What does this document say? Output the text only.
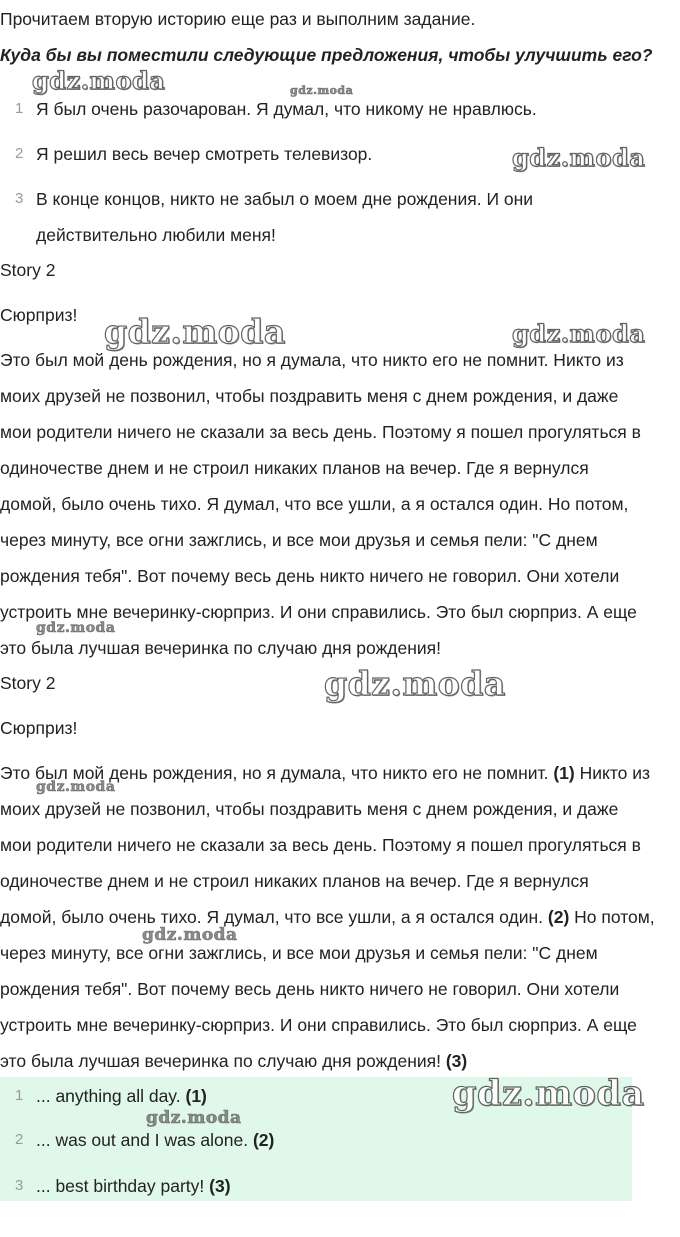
Прочитаем вторую историю еще раз и выполним задание.
Куда бы вы поместили следующие предложения, чтобы улучшить его?
1 Я был очень разочарован. Я думал, что никому не нравлюсь.
2 Я решил весь вечер смотреть телевизор.
3 В конце концов, никто не забыл о моем дне рождения. И они
действительно любили меня!
Story 2
Сюрприз!
Это был мой день рождения, но я думала, что никто его не помнит. Никто из
моих друзей не позвонил, чтобы поздравить меня с днем рождения, и даже
мои родители ничего не сказали за весь день. Поэтому я пошел прогуляться в
одиночестве днем и не строил никаких планов на вечер. Где я вернулся
домой, было очень тихо. Я думал, что все ушли, а я остался один. Но потом,
через минуту, все огни зажглись, и все мои друзья и семья пели: "С днем
рождения тебя". Вот почему весь день никто ничего не говорил. Они хотели
устроить мне вечеринку-сюрприз. И они справились. Это был сюрприз. А еще
это была лучшая вечеринка по случаю дня рождения!
Story 2
Сюрприз!
Это был мой день рождения, но я думала, что никто его не помнит. (1) Никто из
моих друзей не позвонил, чтобы поздравить меня с днем рождения, и даже
мои родители ничего не сказали за весь день. Поэтому я пошел прогуляться в
одиночестве днем и не строил никаких планов на вечер. Где я вернулся
домой, было очень тихо. Я думал, что все ушли, а я остался один. (2) Но потом,
через минуту, все огни зажглись, и все мои друзья и семья пели: "С днем
рождения тебя". Вот почему весь день никто ничего не говорил. Они хотели
устроить мне вечеринку-сюрприз. И они справились. Это был сюрприз. А еще
это была лучшая вечеринка по случаю дня рождения! (3)
1 ... anything all day. (1)
2 ... was out and I was alone. (2)
3 ... best birthday party! (3)
gdz.moda	gdz.moda
gdz.moda
gdz.moda	gdz.moda
gdz.moda
gdz.moda
gdz.moda
gdz.moda
gdz.moda
gdz.moda
